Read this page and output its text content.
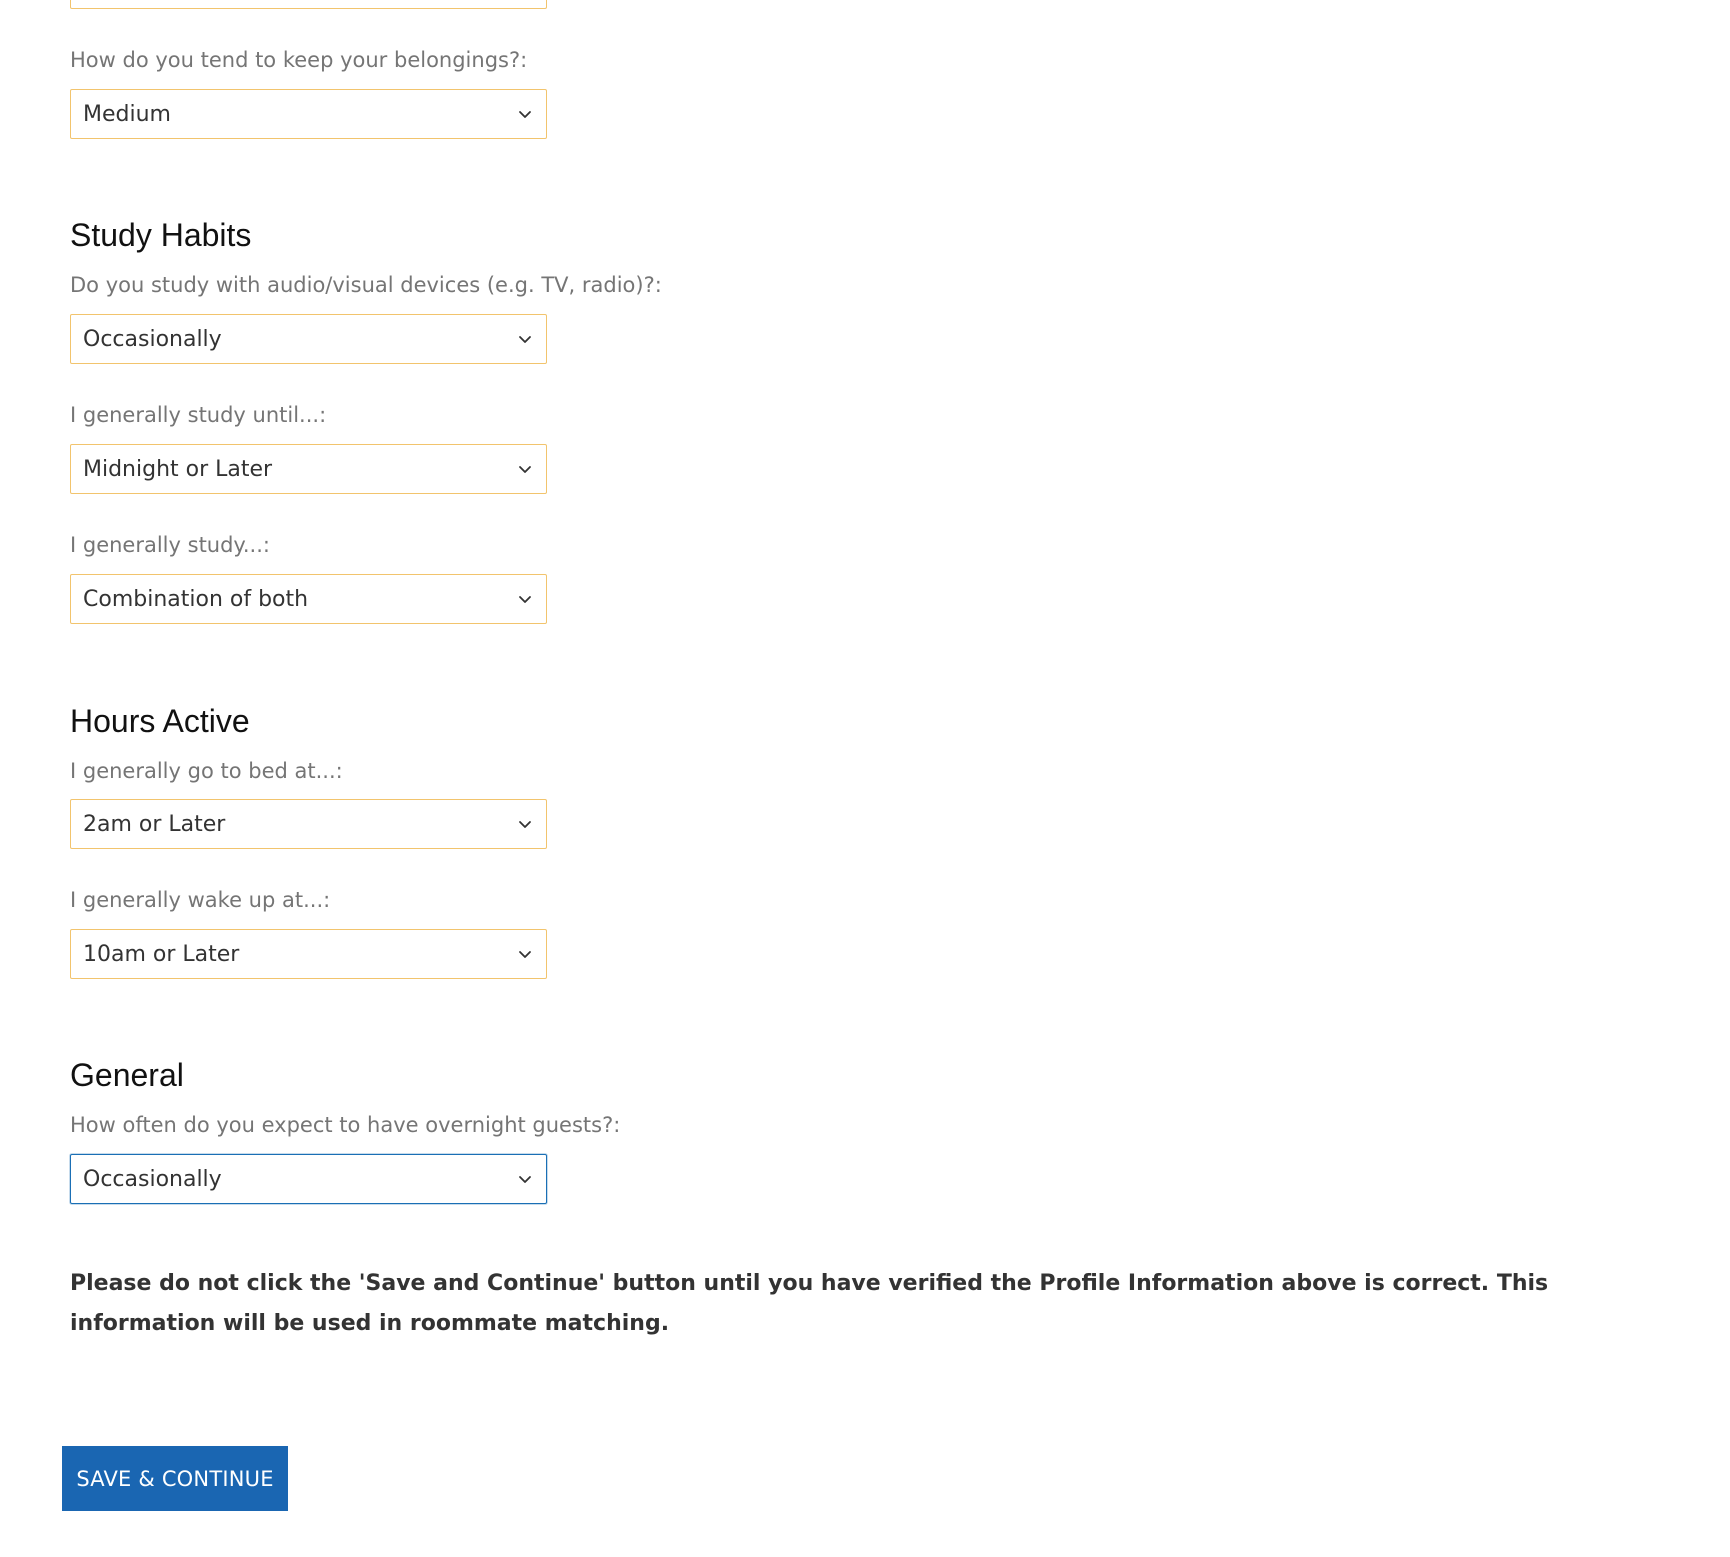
How do you tend to keep your belongings?:
Medium
Study Habits
Do you study with audio/visual devices (e.g. TV, radio)?:
Occasionally
I generally study until...:
Midnight or Later
I generally study...:
Combination of both
Hours Active
I generally go to bed at...:
2am or Later
I generally wake up at...:
10am or Later
General
How often do you expect to have overnight guests?:
Occasionally
Please do not click the 'Save and Continue' button until you have verified the Profile Information above is correct. This information will be used in roommate matching.
SAVE & CONTINUE
